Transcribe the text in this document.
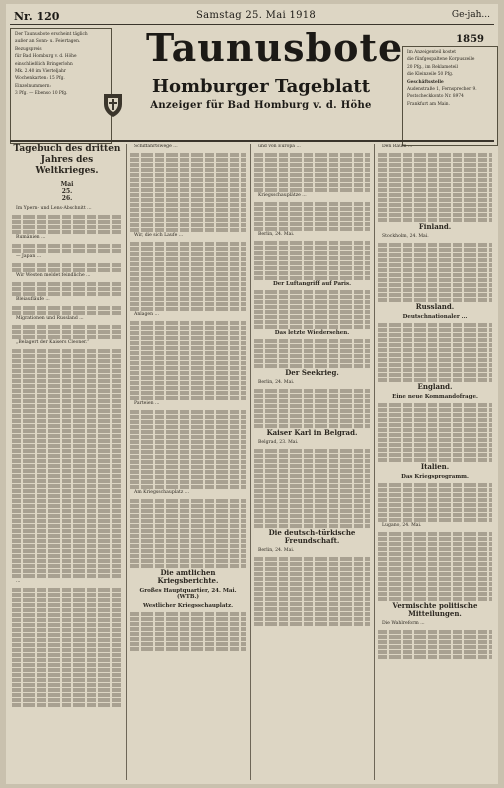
Nr. 120	Samstag 25. Mai 1918	Ge-jah...

Der Taunusbote erscheint täglich

außer an Sonn- u. Feiertagen.

Bezugspreis

für Bad Homburg v. d. Höhe

einschließlich Bringerlohn

Mk. 2.40 im Vierteljahr

Wochenkarten: 15 Pfg.

Einzelnummern:

3 Pfg. — Ebenso 10 Pfg.

Taunusbote
Homburger Tageblatt
Anzeiger für Bad Homburg v. d. Höhe
1859

Im Anzeigenteil kostet

die fünfgespaltene Korpuszeile

20 Pfg., im Reklameteil

die Kleinzeile 50 Pfg.

Geschäftsstelle

Audenstraße 1, Fernsprecher 9.

Postscheckkonto Nr. 8974

Frankfurt am Main.

Tagebuch des dritten Jahres des Weltkrieges.

Mai
25.
26.

Im Ypern- und Lens-Abschnitt ...

Rumänien ...

— Japan ...

Wir Westen meldet feindliche ...

Bleiaufläufe ...

Migrationen und Russland ...

„Belagert der Kaisers Cleoner.“

...

Schiffahrtswege ...

Wir, die sich Laufe ...

Anlagen ...

Parteien ...

Am Kriegsschauplatz ...

Die amtlichen Kriegsberichte.

Großes Hauptquartier, 24. Mai. (WTB.)

Westlicher Kriegsschauplatz.

und von Europa ...

Kriegsschauplätze ...

Berlin, 24. Mai.

Der Luftangriff auf Paris.

Das letzte Wiedersehen.

Der Seekrieg.

Berlin, 24. Mai.

Kaiser Karl in Belgrad.

Belgrad, 23. Mai.

Die deutsch-türkische Freundschaft.

Berlin, 24. Mai.

Den Raum ...

Finland.

Stockholm, 24. Mai.

Russland.

Deutschnationaler ...

England.

Eine neue Kommandofrage.

Italien.

Das Kriegsprogramm.

Lugano, 24. Mai.

Vermischte politische Mitteilungen.

Die Wahlreform ...
